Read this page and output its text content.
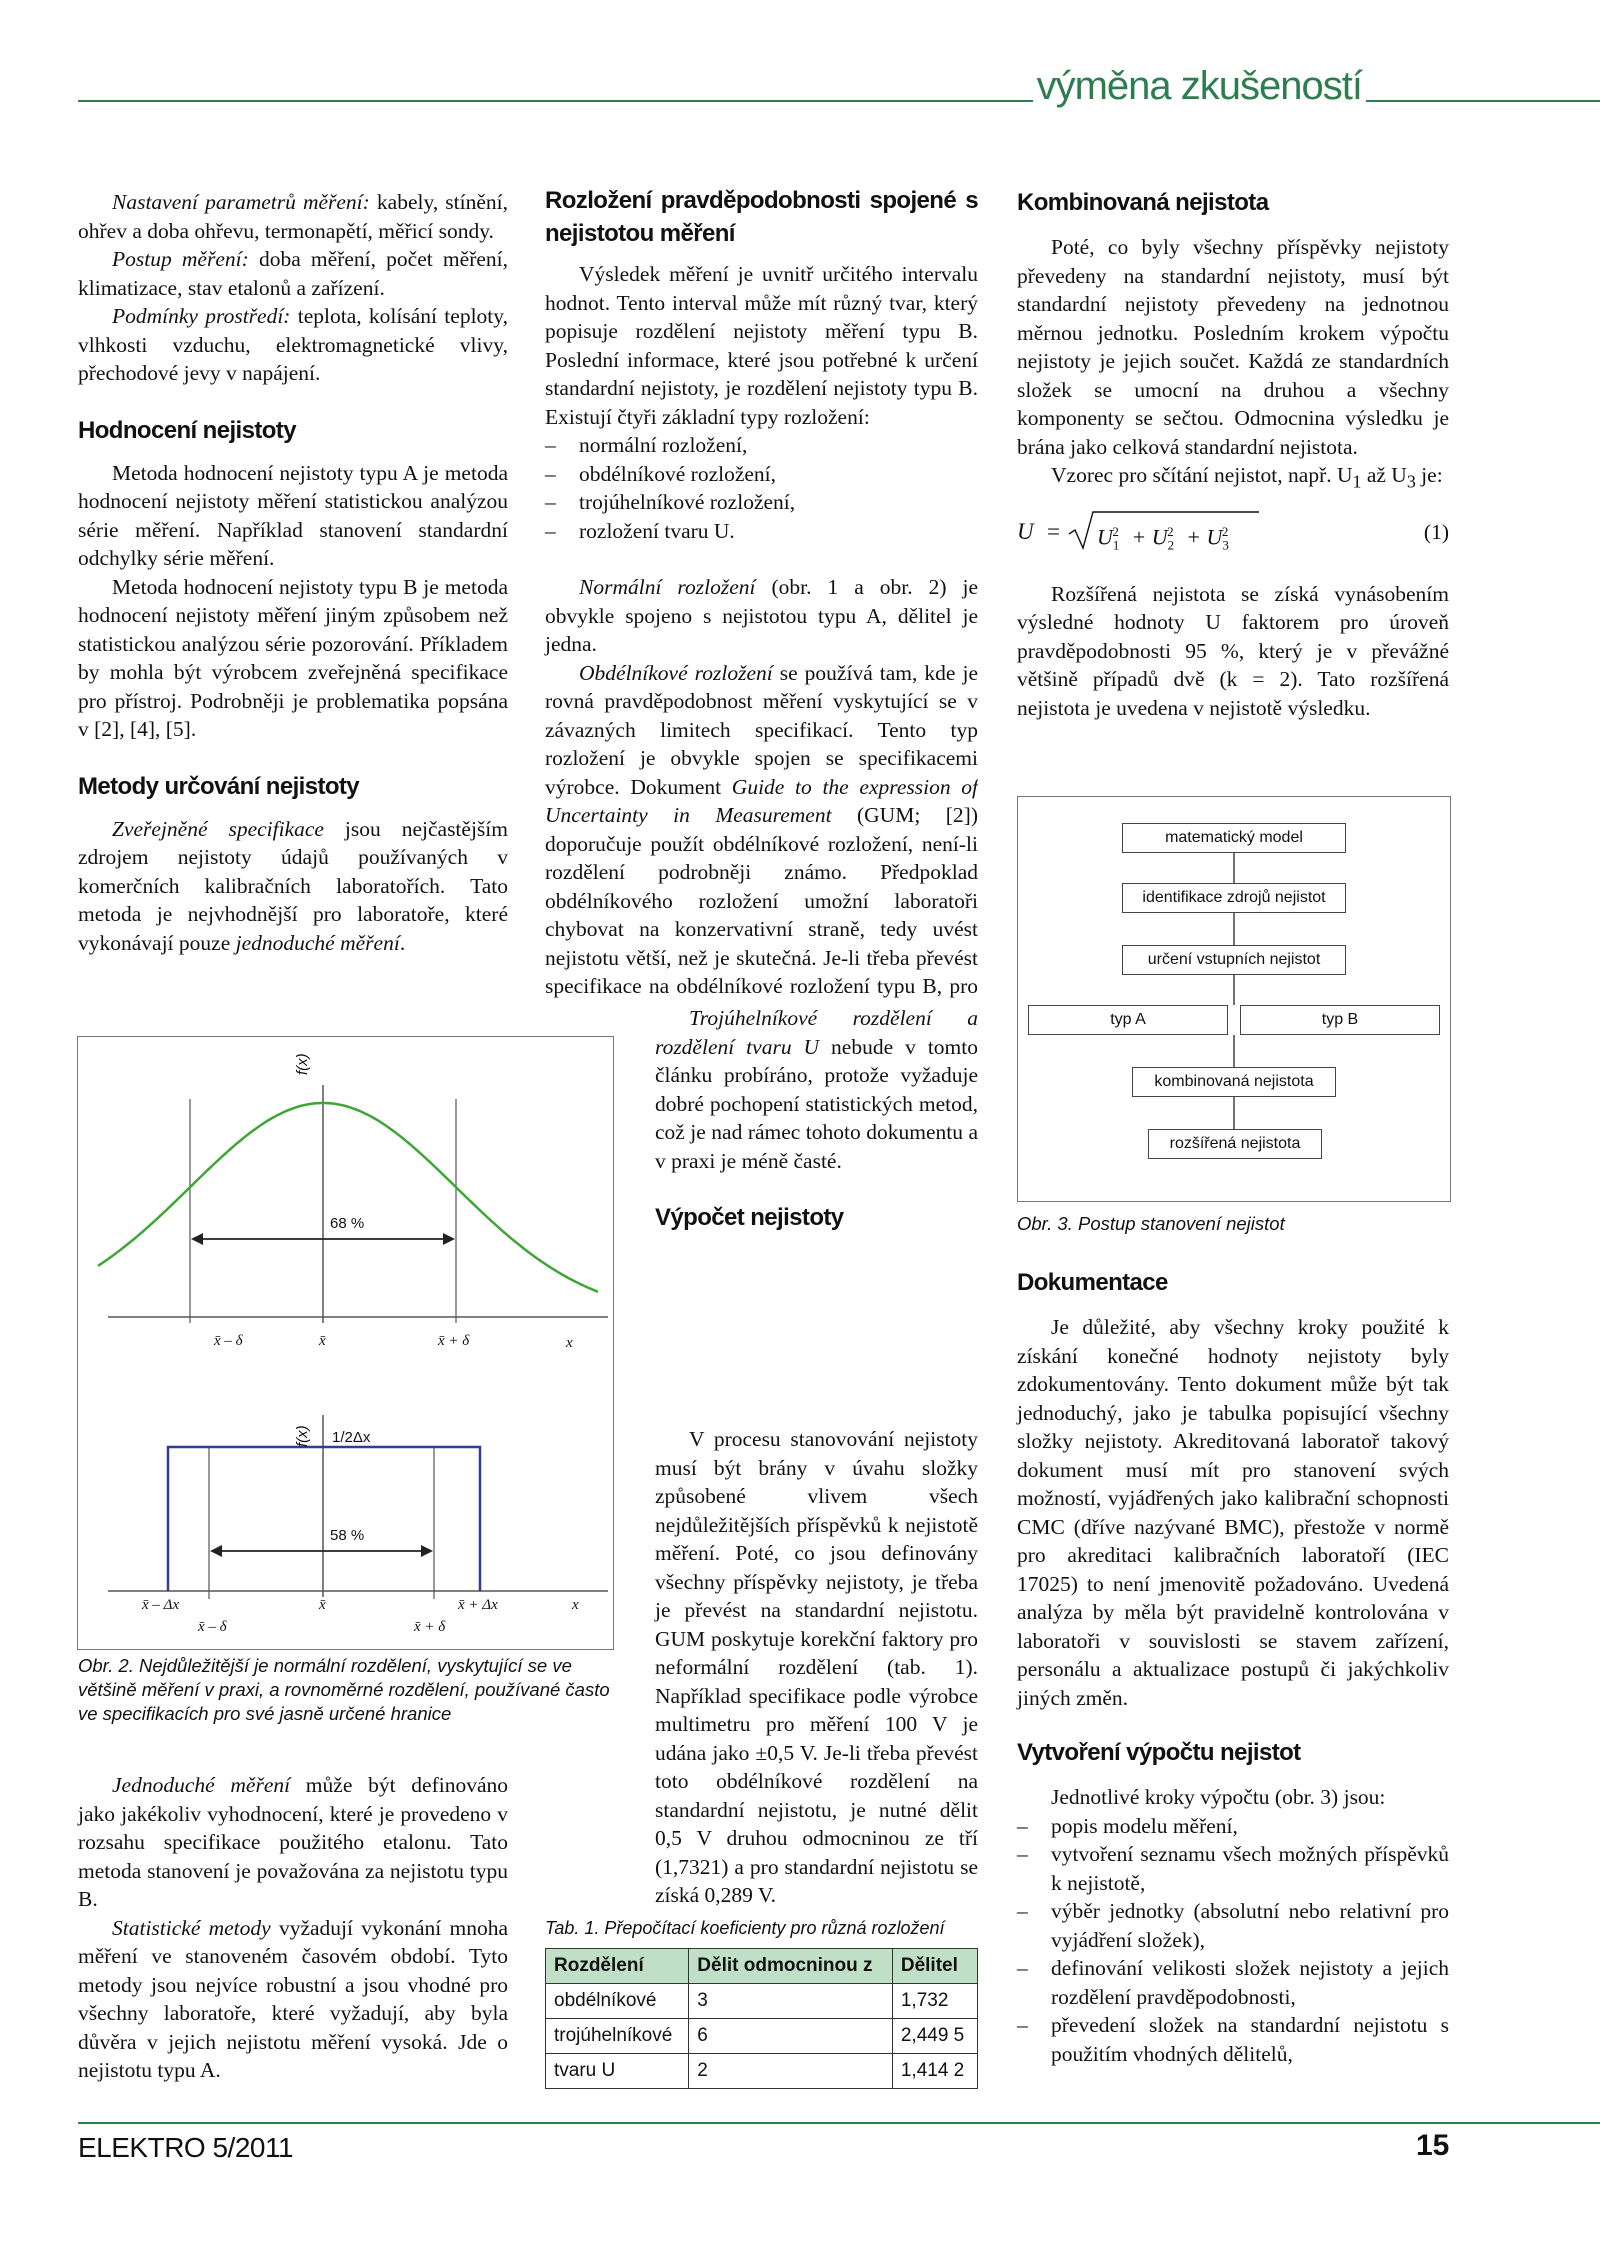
výměna zkušeností

Nastavení parametrů měření: kabely, stínění, ohřev a doba ohřevu, termonapětí, měřicí sondy.

Postup měření: doba měření, počet měření, klimatizace, stav etalonů a zařízení.

Podmínky prostředí: teplota, kolísání teploty, vlhkosti vzduchu, elektromagnetické vlivy, přechodové jevy v napájení.

Hodnocení nejistoty

Metoda hodnocení nejistoty typu A je metoda hodnocení nejistoty měření statistickou analýzou série měření. Například stanovení standardní odchylky série měření.

Metoda hodnocení nejistoty typu B je metoda hodnocení nejistoty měření jiným způsobem než statistickou analýzou série pozorování. Příkladem by mohla být výrobcem zveřejněná specifikace pro přístroj. Podrobněji je problematika popsána v [2], [4], [5].

Metody určování nejistoty

Zveřejněné specifikace jsou nejčastějším zdrojem nejistoty údajů používaných v komerčních kalibračních laboratořích. Tato metoda je nejvhodnější pro laboratoře, které vykonávají pouze jednoduché měření.

f(x)
68 %
x̄ – δ	x̄	x̄ + δ	x
f(x) 1/2Δx
58 %
x̄ – Δx	x̄	x̄ + Δx	x
x̄ – δ	x̄ + δ
Obr. 2. Nejdůležitější je normální rozdělení, vyskytující se ve většině měření v praxi, a rovnoměrné rozdělení, používané často ve specifikacích pro své jasně určené hranice

Jednoduché měření může být definováno jako jakékoliv vyhodnocení, které je provedeno v rozsahu specifikace použitého etalonu. Tato metoda stanovení je považována za nejistotu typu B.

Statistické metody vyžadují vykonání mnoha měření ve stanoveném časovém období. Tyto metody jsou nejvíce robustní a jsou vhodné pro všechny laboratoře, které vyžadují, aby byla důvěra v jejich nejistotu měření vysoká. Jde o nejistotu typu A.

Rozložení pravděpodobnosti spojené s nejistotou měření

Výsledek měření je uvnitř určitého intervalu hodnot. Tento interval může mít různý tvar, který popisuje rozdělení nejistoty měření typu B. Poslední informace, které jsou potřebné k určení standardní nejistoty, je rozdělení nejistoty typu B. Existují čtyři základní typy rozložení:

– normální rozložení,
– obdélníkové rozložení,
– trojúhelníkové rozložení,
– rozložení tvaru U.

Normální rozložení (obr. 1 a obr. 2) je obvykle spojeno s nejistotou typu A, dělitel je jedna.

Obdélníkové rozložení se používá tam, kde je rovná pravděpodobnost měření vyskytující se v závazných limitech specifikací. Tento typ rozložení je obvykle spojen se specifikacemi výrobce. Dokument Guide to the expression of Uncertainty in Measurement (GUM; [2]) doporučuje použít obdélníkové rozložení, není-li rozdělení podrobněji známo. Předpoklad obdélníkového rozložení umožní laboratoři chybovat na konzervativní straně, tedy uvést nejistotu větší, než je skutečná. Je-li třeba převést specifikace na obdélníkové rozložení typu B, pro

Trojúhelníkové rozdělení a rozdělení tvaru U nebude v tomto článku probíráno, protože vyžaduje dobré pochopení statistických metod, což je nad rámec tohoto dokumentu a v praxi je méně časté.

Výpočet nejistoty

V procesu stanovování nejistoty musí být brány v úvahu složky způsobené vlivem všech nejdůležitějších příspěvků k nejistotě měření. Poté, co jsou definovány všechny příspěvky nejistoty, je třeba je převést na standardní nejistotu. GUM poskytuje korekční faktory pro neformální rozdělení (tab. 1). Například specifikace podle výrobce multimetru pro měření 100 V je udána jako ±0,5 V. Je-li třeba převést toto obdélníkové rozdělení na standardní nejistotu, je nutné dělit 0,5 V druhou odmocninou ze tří (1,7321) a pro standardní nejistotu se získá 0,289 V.

Tab. 1. Přepočítací koeficienty pro různá rozložení
Rozdělení	Dělit odmocninou z	Dělitel
obdélníkové	3	1,732
trojúhelníkové	6	2,449 5
tvaru U	2	1,414 2
Kombinovaná nejistota

Poté, co byly všechny příspěvky nejistoty převedeny na standardní nejistoty, musí být standardní nejistoty převedeny na jednotnou měrnou jednotku. Posledním krokem výpočtu nejistoty je jejich součet. Každá ze standardních složek se umocní na druhou a všechny komponenty se sečtou. Odmocnina výsledku je brána jako celková standardní nejistota.

Vzorec pro sčítání nejistot, např. $U_1$ až $U_3$ je:

$U = U_1^2 + U_2^2 + U_3^2$	(1)

Rozšířená nejistota se získá vynásobením výsledné hodnoty U faktorem pro úroveň pravděpodobnosti 95 %, který je v převážné většině případů dvě (k = 2). Tato rozšířená nejistota je uvedena v nejistotě výsledku.

matematický model
identifikace zdrojů nejistot
určení vstupních nejistot
typ A	typ B
kombinovaná nejistota
rozšířená nejistota
Obr. 3. Postup stanovení nejistot
Dokumentace

Je důležité, aby všechny kroky použité k získání konečné hodnoty nejistoty byly zdokumentovány. Tento dokument může být tak jednoduchý, jako je tabulka popisující všechny složky nejistoty. Akreditovaná laboratoř takový dokument musí mít pro stanovení svých možností, vyjádřených jako kalibrační schopnosti CMC (dříve nazývané BMC), přestože v normě pro akreditaci kalibračních laboratoří (IEC 17025) to není jmenovitě požadováno. Uvedená analýza by měla být pravidelně kontrolována v laboratoři v souvislosti se stavem zařízení, personálu a aktualizace postupů či jakýchkoliv jiných změn.

Vytvoření výpočtu nejistot

Jednotlivé kroky výpočtu (obr. 3) jsou:

– popis modelu měření,
– vytvoření seznamu všech možných příspěvků k nejistotě,
– výběr jednotky (absolutní nebo relativní pro vyjádření složek),
– definování velikosti složek nejistoty a jejich rozdělení pravděpodobnosti,
– převedení složek na standardní nejistotu s použitím vhodných dělitelů,
ELEKTRO 5/2011	15
